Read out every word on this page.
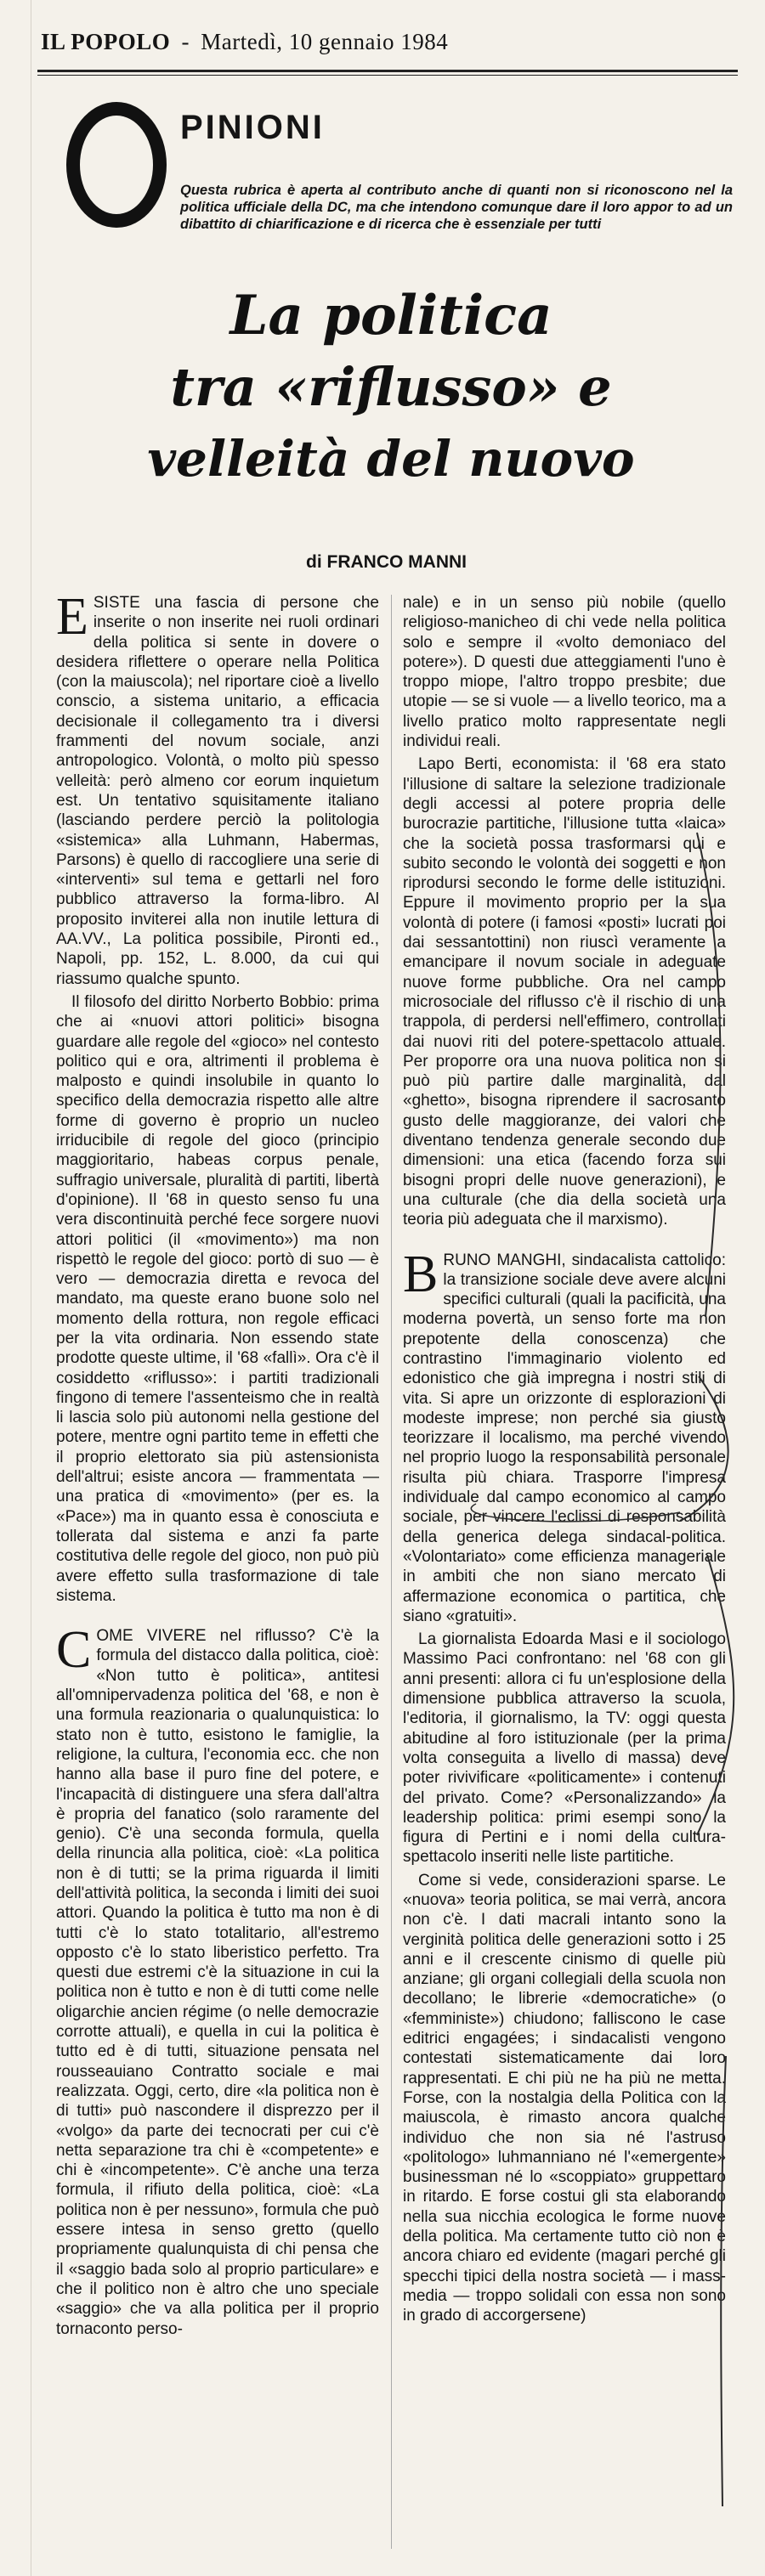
IL POPOLO - Martedì, 10 gennaio 1984
PINIONI
Questa rubrica è aperta al contributo anche di quanti non si riconoscono nel la politica ufficiale della DC, ma che intendono comunque dare il loro appor to ad un dibattito di chiarificazione e di ricerca che è essenziale per tutti
La politica
tra «riflusso» e
velleità del nuovo
di FRANCO MANNI

ESISTE una fascia di persone che inserite o non inserite nei ruoli ordinari della politica si sente in dovere o desidera riflettere o operare nella Politica (con la maiuscola); nel riportare cioè a livello conscio, a sistema unitario, a efficacia decisionale il collegamento tra i diversi frammenti del novum sociale, anzi antropologico. Volontà, o molto più spesso velleità: però almeno cor eorum inquietum est. Un tentativo squisitamente italiano (lasciando perdere perciò la politologia «sistemica» alla Luhmann, Habermas, Parsons) è quello di raccogliere una serie di «interventi» sul tema e gettarli nel foro pubblico attraverso la forma-libro. Al proposito inviterei alla non inutile lettura di AA.VV., La politica possibile, Pironti ed., Napoli, pp. 152, L. 8.000, da cui qui riassumo qualche spunto.

Il filosofo del diritto Norberto Bobbio: prima che ai «nuovi attori politici» bisogna guardare alle regole del «gioco» nel contesto politico qui e ora, altrimenti il problema è malposto e quindi insolubile in quanto lo specifico della democrazia rispetto alle altre forme di governo è proprio un nucleo irriducibile di regole del gioco (principio maggioritario, habeas corpus penale, suffragio universale, pluralità di partiti, libertà d'opinione). Il '68 in questo senso fu una vera discontinuità perché fece sorgere nuovi attori politici (il «movimento») ma non rispettò le regole del gioco: portò di suo — è vero — democrazia diretta e revoca del mandato, ma queste erano buone solo nel momento della rottura, non regole efficaci per la vita ordinaria. Non essendo state prodotte queste ultime, il '68 «fallì». Ora c'è il cosiddetto «riflusso»: i partiti tradizionali fingono di temere l'assenteismo che in realtà li lascia solo più autonomi nella gestione del potere, mentre ogni partito teme in effetti che il proprio elettorato sia più astensionista dell'altrui; esiste ancora — frammentata — una pratica di «movimento» (per es. la «Pace») ma in quanto essa è conosciuta e tollerata dal sistema e anzi fa parte costitutiva delle regole del gioco, non può più avere effetto sulla trasformazione di tale sistema.

COME VIVERE nel riflusso? C'è la formula del distacco dalla politica, cioè: «Non tutto è politica», antitesi all'omnipervadenza politica del '68, e non è una formula reazionaria o qualunquistica: lo stato non è tutto, esistono le famiglie, la religione, la cultura, l'economia ecc. che non hanno alla base il puro fine del potere, e l'incapacità di distinguere una sfera dall'altra è propria del fanatico (solo raramente del genio). C'è una seconda formula, quella della rinuncia alla politica, cioè: «La politica non è di tutti; se la prima riguarda il limiti dell'attività politica, la seconda i limiti dei suoi attori. Quando la politica è tutto ma non è di tutti c'è lo stato totalitario, all'estremo opposto c'è lo stato liberistico perfetto. Tra questi due estremi c'è la situazione in cui la politica non è tutto e non è di tutti come nelle oligarchie ancien régime (o nelle democrazie corrotte attuali), e quella in cui la politica è tutto ed è di tutti, situazione pensata nel rousseauiano Contratto sociale e mai realizzata. Oggi, certo, dire «la politica non è di tutti» può nascondere il disprezzo per il «volgo» da parte dei tecnocrati per cui c'è netta separazione tra chi è «competente» e chi è «incompetente». C'è anche una terza formula, il rifiuto della politica, cioè: «La politica non è per nessuno», formula che può essere intesa in senso gretto (quello propriamente qualunquista di chi pensa che il «saggio bada solo al proprio particulare» e che il politico non è altro che uno speciale «saggio» che va alla politica per il proprio tornaconto perso-

nale) e in un senso più nobile (quello religioso-manicheo di chi vede nella politica solo e sempre il «volto demoniaco del potere»). D questi due atteggiamenti l'uno è troppo miope, l'altro troppo presbite; due utopie — se si vuole — a livello teorico, ma a livello pratico molto rappresentate negli individui reali.

Lapo Berti, economista: il '68 era stato l'illusione di saltare la selezione tradizionale degli accessi al potere propria delle burocrazie partitiche, l'illusione tutta «laica» che la società possa trasformarsi qui e subito secondo le volontà dei soggetti e non riprodursi secondo le forme delle istituzioni. Eppure il movimento proprio per la sua volontà di potere (i famosi «posti» lucrati poi dai sessantottini) non riuscì veramente a emancipare il novum sociale in adeguate nuove forme pubbliche. Ora nel campo microsociale del riflusso c'è il rischio di una trappola, di perdersi nell'effimero, controllati dai nuovi riti del potere-spettacolo attuale. Per proporre ora una nuova politica non si può più partire dalle marginalità, dal «ghetto», bisogna riprendere il sacrosanto gusto delle maggioranze, dei valori che diventano tendenza generale secondo due dimensioni: una etica (facendo forza sui bisogni propri delle nuove generazioni), e una culturale (che dia della società una teoria più adeguata che il marxismo).

BRUNO MANGHI, sindacalista cattolico: la transizione sociale deve avere alcuni specifici culturali (quali la pacificità, una moderna povertà, un senso forte ma non prepotente della conoscenza) che contrastino l'immaginario violento ed edonistico che già impregna i nostri stili di vita. Si apre un orizzonte di esplorazioni di modeste imprese; non perché sia giusto teorizzare il localismo, ma perché vivendo nel proprio luogo la responsabilità personale risulta più chiara. Trasporre l'impresa individuale dal campo economico al campo sociale, per vincere l'eclissi di responsabilità della generica delega sindacal-politica. «Volontariato» come efficienza manageriale in ambiti che non siano mercato di affermazione economica o partitica, che siano «gratuiti».

La giornalista Edoarda Masi e il sociologo Massimo Paci confrontano: nel '68 con gli anni presenti: allora ci fu un'esplosione della dimensione pubblica attraverso la scuola, l'editoria, il giornalismo, la TV: oggi questa abitudine al foro istituzionale (per la prima volta conseguita a livello di massa) deve poter rivivificare «politicamente» i contenuti del privato. Come? «Personalizzando» la leadership politica: primi esempi sono la figura di Pertini e i nomi della cultura-spettacolo inseriti nelle liste partitiche.

Come si vede, considerazioni sparse. Le «nuova» teoria politica, se mai verrà, ancora non c'è. I dati macrali intanto sono la verginità politica delle generazioni sotto i 25 anni e il crescente cinismo di quelle più anziane; gli organi collegiali della scuola non decollano; le librerie «democratiche» (o «femministe») chiudono; falliscono le case editrici engagées; i sindacalisti vengono contestati sistematicamente dai loro rappresentati. E chi più ne ha più ne metta. Forse, con la nostalgia della Politica con la maiuscola, è rimasto ancora qualche individuo che non sia né l'astruso «politologo» luhmanniano né l'«emergente» businessman né lo «scoppiato» gruppettaro in ritardo. E forse costui gli sta elaborando nella sua nicchia ecologica le forme nuove della politica. Ma certamente tutto ciò non è ancora chiaro ed evidente (magari perché gli specchi tipici della nostra società — i mass-media — troppo solidali con essa non sono in grado di accorgersene)
